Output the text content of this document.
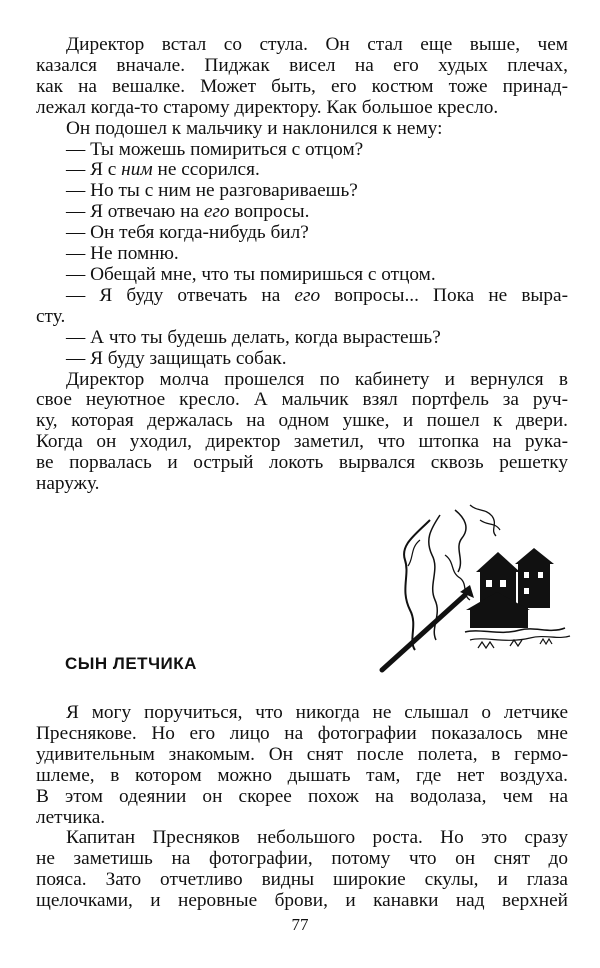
Директор встал со стула. Он стал еще выше, чем

казался вначале. Пиджак висел на его худых плечах,

как на вешалке. Может быть, его костюм тоже принад-

лежал когда-то старому директору. Как большое кресло.

Он подошел к мальчику и наклонился к нему:

— Ты можешь помириться с отцом?

— Я с ним не ссорился.

— Но ты с ним не разговариваешь?

— Я отвечаю на его вопросы.

— Он тебя когда-нибудь бил?

— Не помню.

— Обещай мне, что ты помиришься с отцом.

— Я буду отвечать на его вопросы... Пока не выра-

сту.

— А что ты будешь делать, когда вырастешь?

— Я буду защищать собак.

Директор молча прошелся по кабинету и вернулся в

свое неуютное кресло. А мальчик взял портфель за руч-

ку, которая держалась на одном ушке, и пошел к двери.

Когда он уходил, директор заметил, что штопка на рука-

ве порвалась и острый локоть вырвался сквозь решетку

наружу.

СЫН ЛЕТЧИКА

Я могу поручиться, что никогда не слышал о летчике

Преснякове. Но его лицо на фотографии показалось мне

удивительным знакомым. Он снят после полета, в гермо-

шлеме, в котором можно дышать там, где нет воздуха.

В этом одеянии он скорее похож на водолаза, чем на

летчика.

Капитан Пресняков небольшого роста. Но это сразу

не заметишь на фотографии, потому что он снят до

пояса. Зато отчетливо видны широкие скулы, и глаза

щелочками, и неровные брови, и канавки над верхней

77
